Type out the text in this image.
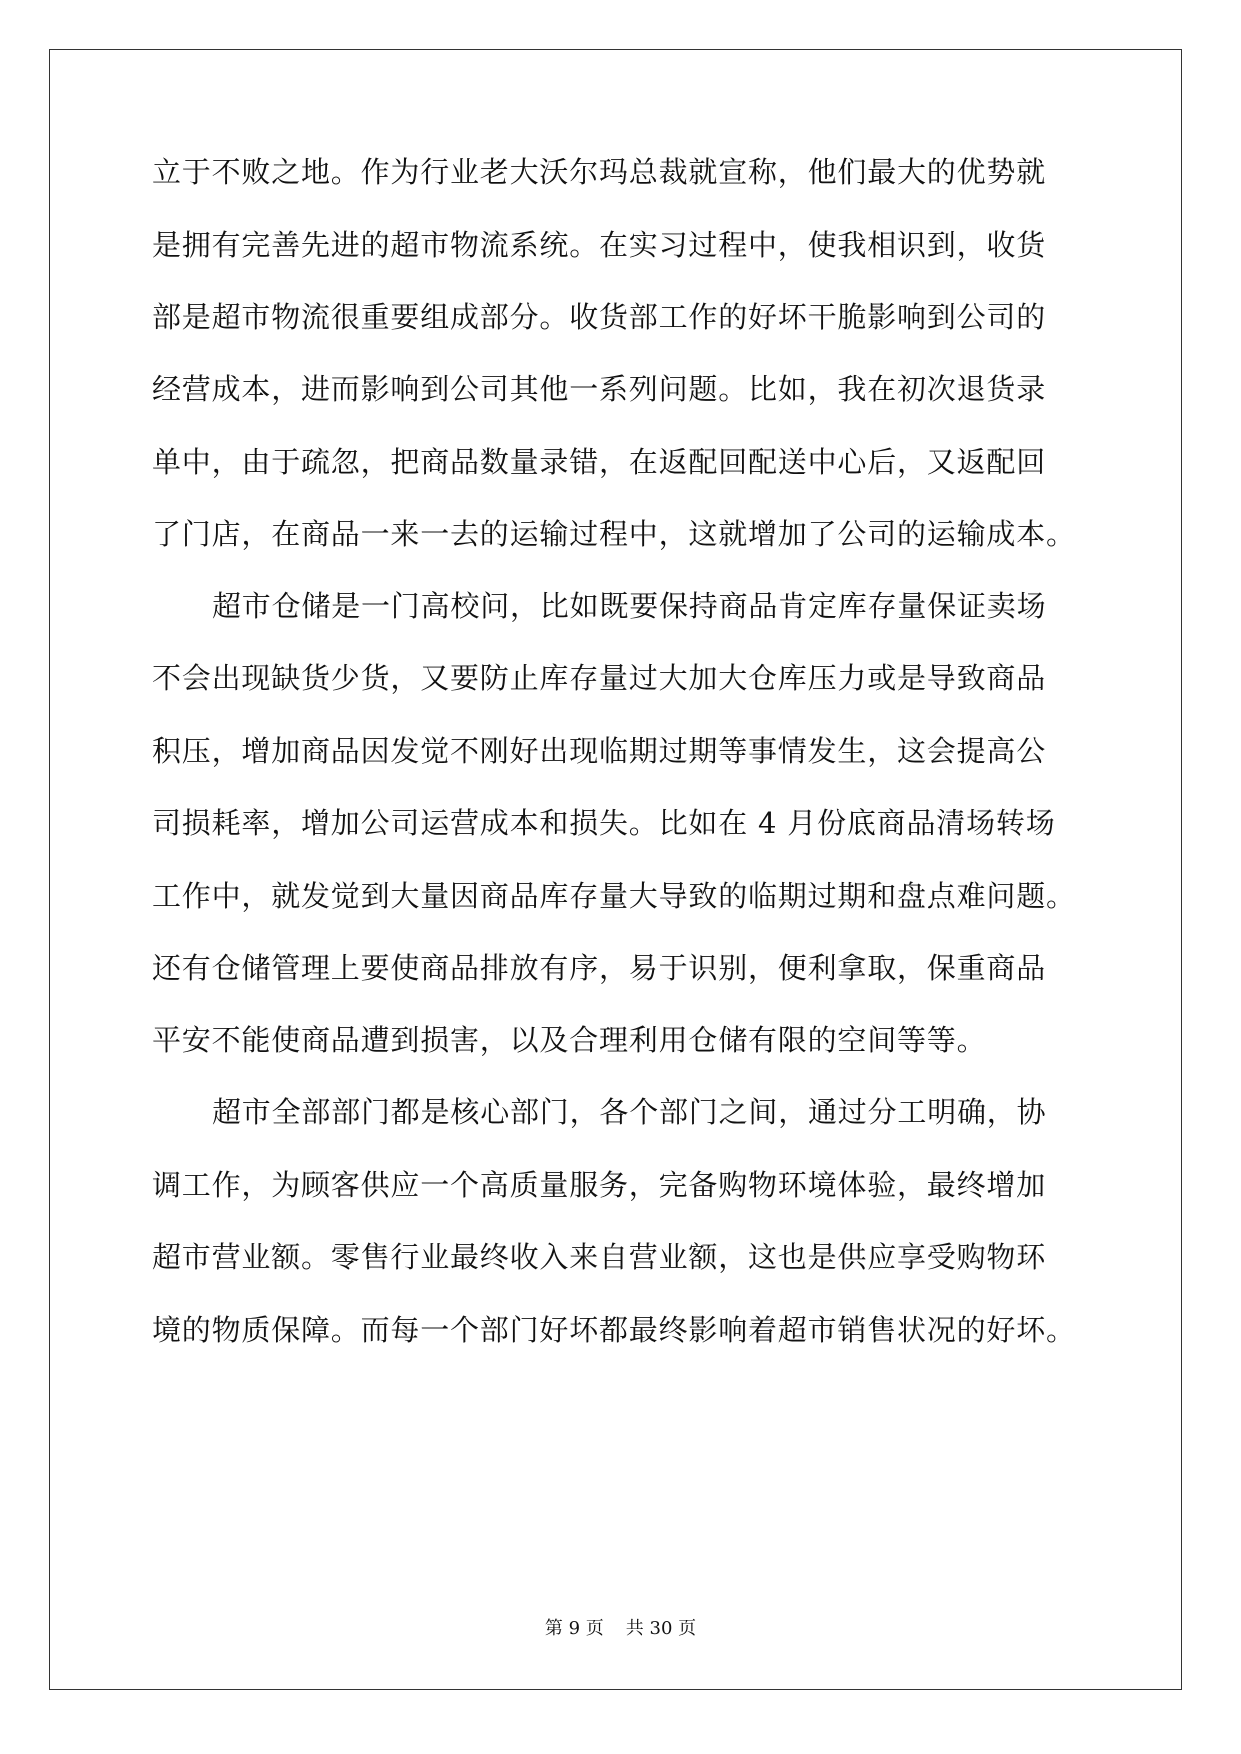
立于不败之地。作为行业老大沃尔玛总裁就宣称，他们最大的优势就
是拥有完善先进的超市物流系统。在实习过程中，使我相识到，收货
部是超市物流很重要组成部分。收货部工作的好坏干脆影响到公司的
经营成本，进而影响到公司其他一系列问题。比如，我在初次退货录
单中，由于疏忽，把商品数量录错，在返配回配送中心后，又返配回
了门店，在商品一来一去的运输过程中，这就增加了公司的运输成本。
超市仓储是一门高校问，比如既要保持商品肯定库存量保证卖场
不会出现缺货少货，又要防止库存量过大加大仓库压力或是导致商品
积压，增加商品因发觉不刚好出现临期过期等事情发生，这会提高公
司损耗率，增加公司运营成本和损失。比如在 4 月份底商品清场转场
工作中，就发觉到大量因商品库存量大导致的临期过期和盘点难问题。
还有仓储管理上要使商品排放有序，易于识别，便利拿取，保重商品
平安不能使商品遭到损害，以及合理利用仓储有限的空间等等。
超市全部部门都是核心部门，各个部门之间，通过分工明确，协
调工作，为顾客供应一个高质量服务，完备购物环境体验，最终增加
超市营业额。零售行业最终收入来自营业额，这也是供应享受购物环
境的物质保障。而每一个部门好坏都最终影响着超市销售状况的好坏。
第 9 页 共 30 页
